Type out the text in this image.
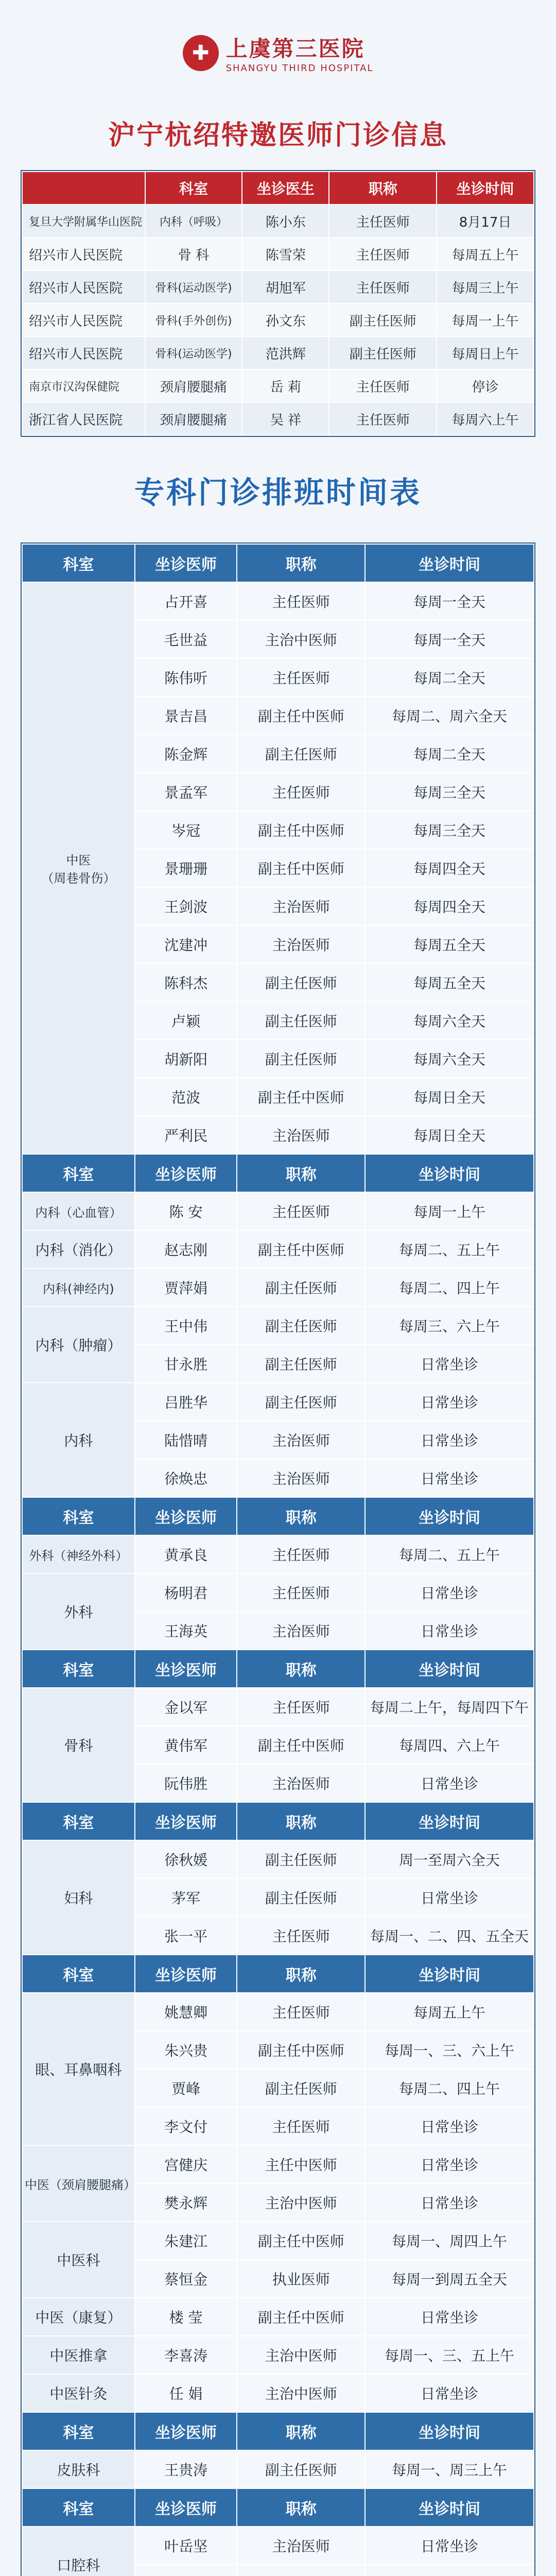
✚ 上虞第三医院
SHANGYU THIRD HOSPITAL
沪宁杭绍特邀医师门诊信息
	科室	坐诊医生	职称	坐诊时间
复旦大学附属华山医院	内科（呼吸）	陈小东	主任医师	8月17日
绍兴市人民医院	骨 科	陈雪荣	主任医师	每周五上午
绍兴市人民医院	骨科(运动医学)	胡旭军	主任医师	每周三上午
绍兴市人民医院	骨科(手外创伤)	孙文东	副主任医师	每周一上午
绍兴市人民医院	骨科(运动医学)	范洪辉	副主任医师	每周日上午
南京市汉沟保健院	颈肩腰腿痛	岳 莉	主任医师	停诊
浙江省人民医院	颈肩腰腿痛	吴 祥	主任医师	每周六上午
专科门诊排班时间表
科室	坐诊医师	职称	坐诊时间
中医
（周巷骨伤）	占开喜	主任医师	每周一全天
	毛世益	主治中医师	每周一全天
	陈伟听	主任医师	每周二全天
	景吉昌	副主任中医师	每周二、周六全天
	陈金辉	副主任医师	每周二全天
	景孟军	主任医师	每周三全天
	岑冠	副主任中医师	每周三全天
	景珊珊	副主任中医师	每周四全天
	王剑波	主治医师	每周四全天
	沈建冲	主治医师	每周五全天
	陈科杰	副主任医师	每周五全天
	卢颖	副主任医师	每周六全天
	胡新阳	副主任医师	每周六全天
	范波	副主任中医师	每周日全天
	严利民	主治医师	每周日全天
科室	坐诊医师	职称	坐诊时间
内科（心血管）	陈 安	主任医师	每周一上午
内科（消化）	赵志刚	副主任中医师	每周二、五上午
内科(神经内)	贾萍娟	副主任医师	每周二、四上午
内科（肿瘤）	王中伟	副主任医师	每周三、六上午
	甘永胜	副主任医师	日常坐诊
内科	吕胜华	副主任医师	日常坐诊
	陆惜晴	主治医师	日常坐诊
	徐焕忠	主治医师	日常坐诊
科室	坐诊医师	职称	坐诊时间
外科（神经外科）	黄承良	主任医师	每周二、五上午
外科	杨明君	主任医师	日常坐诊
	王海英	主治医师	日常坐诊
科室	坐诊医师	职称	坐诊时间
骨科	金以军	主任医师	每周二上午，每周四下午
	黄伟军	副主任中医师	每周四、六上午
	阮伟胜	主治医师	日常坐诊
科室	坐诊医师	职称	坐诊时间
妇科	徐秋媛	副主任医师	周一至周六全天
	茅军	副主任医师	日常坐诊
	张一平	主任医师	每周一、二、四、五全天
科室	坐诊医师	职称	坐诊时间
眼、耳鼻咽科	姚慧卿	主任医师	每周五上午
	朱兴贵	副主任中医师	每周一、三、六上午
	贾峰	副主任医师	每周二、四上午
	李文付	主任医师	日常坐诊
中医（颈肩腰腿痛）	宫健庆	主任中医师	日常坐诊
	樊永辉	主治中医师	日常坐诊
中医科	朱建江	副主任中医师	每周一、周四上午
	蔡恒金	执业医师	每周一到周五全天
中医（康复）	楼 莹	副主任中医师	日常坐诊
中医推拿	李喜涛	主治中医师	每周一、三、五上午
中医针灸	任 娟	主治中医师	日常坐诊
科室	坐诊医师	职称	坐诊时间
皮肤科	王贵涛	副主任医师	每周一、周三上午
科室	坐诊医师	职称	坐诊时间
口腔科	叶岳坚	主治医师	日常坐诊
